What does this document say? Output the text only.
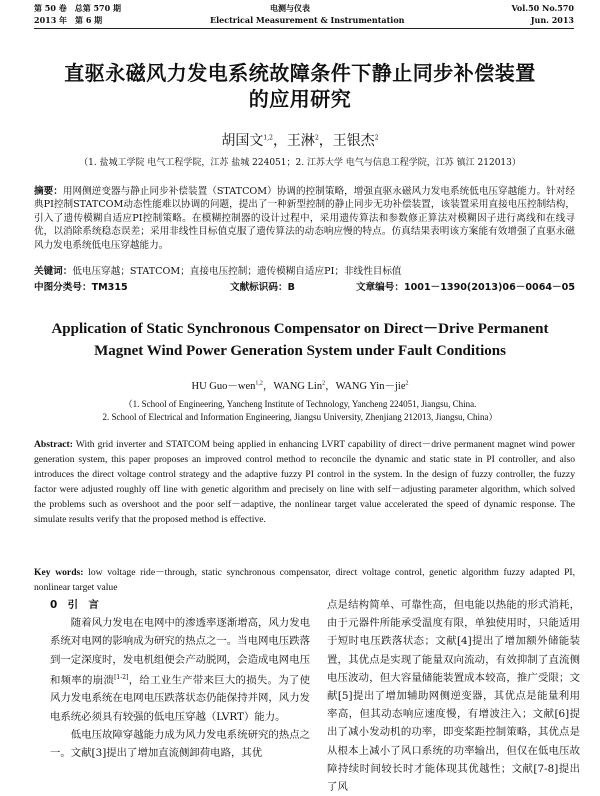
第 50 卷　总第 570 期	电测与仪表	Vol.50 No.570
2013 年　第 6 期	Electrical Measurement & Instrumentation	Jun. 2013
直驱永磁风力发电系统故障条件下静止同步补偿装置
的应用研究
胡国文$^{1,2}$，王淋$^2$，王银杰$^2$
（1. 盐城工学院 电气工程学院，江苏 盐城 224051；2. 江苏大学 电气与信息工程学院，江苏 镇江 212013）
摘要：用网侧逆变器与静止同步补偿装置（STATCOM）协调的控制策略，增强直驱永磁风力发电系统低电压穿越能力。针对经典PI控制STATCOM动态性能难以协调的问题，提出了一种新型控制的静止同步无功补偿装置，该装置采用直接电压控制结构，引入了遗传模糊自适应PI控制策略。在模糊控制器的设计过程中，采用遗传算法和参数修正算法对模糊因子进行离线和在线寻优，以消除系统稳态误差；采用非线性目标值克服了遗传算法的动态响应慢的特点。仿真结果表明该方案能有效增强了直驱永磁风力发电系统低电压穿越能力。
关键词：低电压穿越；STATCOM；直接电压控制；遗传模糊自适应PI；非线性目标值
中图分类号：TM315	文献标识码：B	文章编号：1001－1390(2013)06－0064－05
Application of Static Synchronous Compensator on Direct－Drive Permanent
Magnet Wind Power Generation System under Fault Conditions
HU Guo－wen$^{1,2}$，WANG Lin$^2$，WANG Yin－jie$^2$
（1. School of Engineering, Yancheng Institute of Technology, Yancheng 224051, Jiangsu, China.
2. School of Electrical and Information Engineering, Jiangsu University, Zhenjiang 212013, Jiangsu, China）
Abstract: With grid inverter and STATCOM being applied in enhancing LVRT capability of direct－drive permanent magnet wind power generation system, this paper proposes an improved control method to reconcile the dynamic and static state in PI controller, and also introduces the direct voltage control strategy and the adaptive fuzzy PI control in the system. In the design of fuzzy controller, the fuzzy factor were adjusted roughly off line with genetic algorithm and precisely on line with self－adjusting parameter algorithm, which solved the problems such as overshoot and the poor self－adaptive, the nonlinear target value accelerated the speed of dynamic response. The simulate results verify that the proposed method is effective.
Key words: low voltage ride－through, static synchronous compensator, direct voltage control, genetic algorithm fuzzy adapted PI, nonlinear target value
0　引　言

随着风力发电在电网中的渗透率逐渐增高，风力发电系统对电网的影响成为研究的热点之一。当电网电压跌落到一定深度时，发电机组便会产动脱网，会造成电网电压和频率的崩溃[1-2]，给工业生产带来巨大的损失。为了使风力发电系统在电网电压跌落状态仍能保持并网，风力发电系统必须具有较强的低电压穿越（LVRT）能力。

低电压故障穿越能力成为风力发电系统研究的热点之一。文献[3]提出了增加直流侧卸荷电路，其优

点是结构简单、可靠性高，但电能以热能的形式消耗，由于元器件所能承受温度有限，单独使用时，只能适用于短时电压跌落状态；文献[4]提出了增加额外储能装置，其优点是实现了能量双向流动，有效抑制了直流侧电压波动，但大容量储能装置成本较高，推广受限；文献[5]提出了增加辅助网侧逆变器，其优点是能量利用率高，但其动态响应速度慢，有增波注入；文献[6]提出了减小发动机的功率，即变桨距控制策略，其优点是从根本上减小了风口系统的功率输出，但仅在低电压故障持续时间较长时才能体现其优越性；文献[7-8]提出了风
